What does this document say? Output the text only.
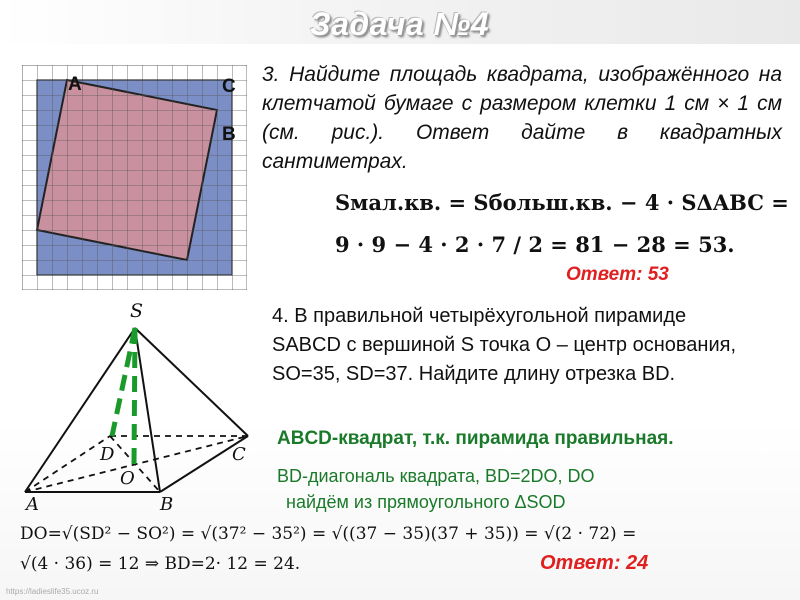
Задача №4
A	C
B
3. Найдите площадь квадрата, изображённого на клетчатой бумаге с размером клетки 1 см × 1 см (см. рис.). Ответ дайте в квадратных сантиметрах.
Sмал.кв. = Sбольш.кв. − 4 · SΔABC =
9 · 9 − 4 · 2 · 7 / 2 = 81 − 28 = 53.
Ответ: 53
S
D	C
O
A	B
4. В правильной четырёхугольной пирамиде SABCD с вершиной S точка O – центр основания, SO=35, SD=37. Найдите длину отрезка BD.
ABCD-квадрат, т.к. пирамида правильная.
BD-диагональ квадрата, BD=2DO, DO
найдём из прямоугольного ΔSOD
DO=√(SD² − SO²) = √(37² − 35²) = √((37 − 35)(37 + 35)) = √(2 · 72) =
√(4 · 36) = 12 ⇒ BD=2· 12 = 24.	Ответ: 24
https://ladieslife35.ucoz.ru
